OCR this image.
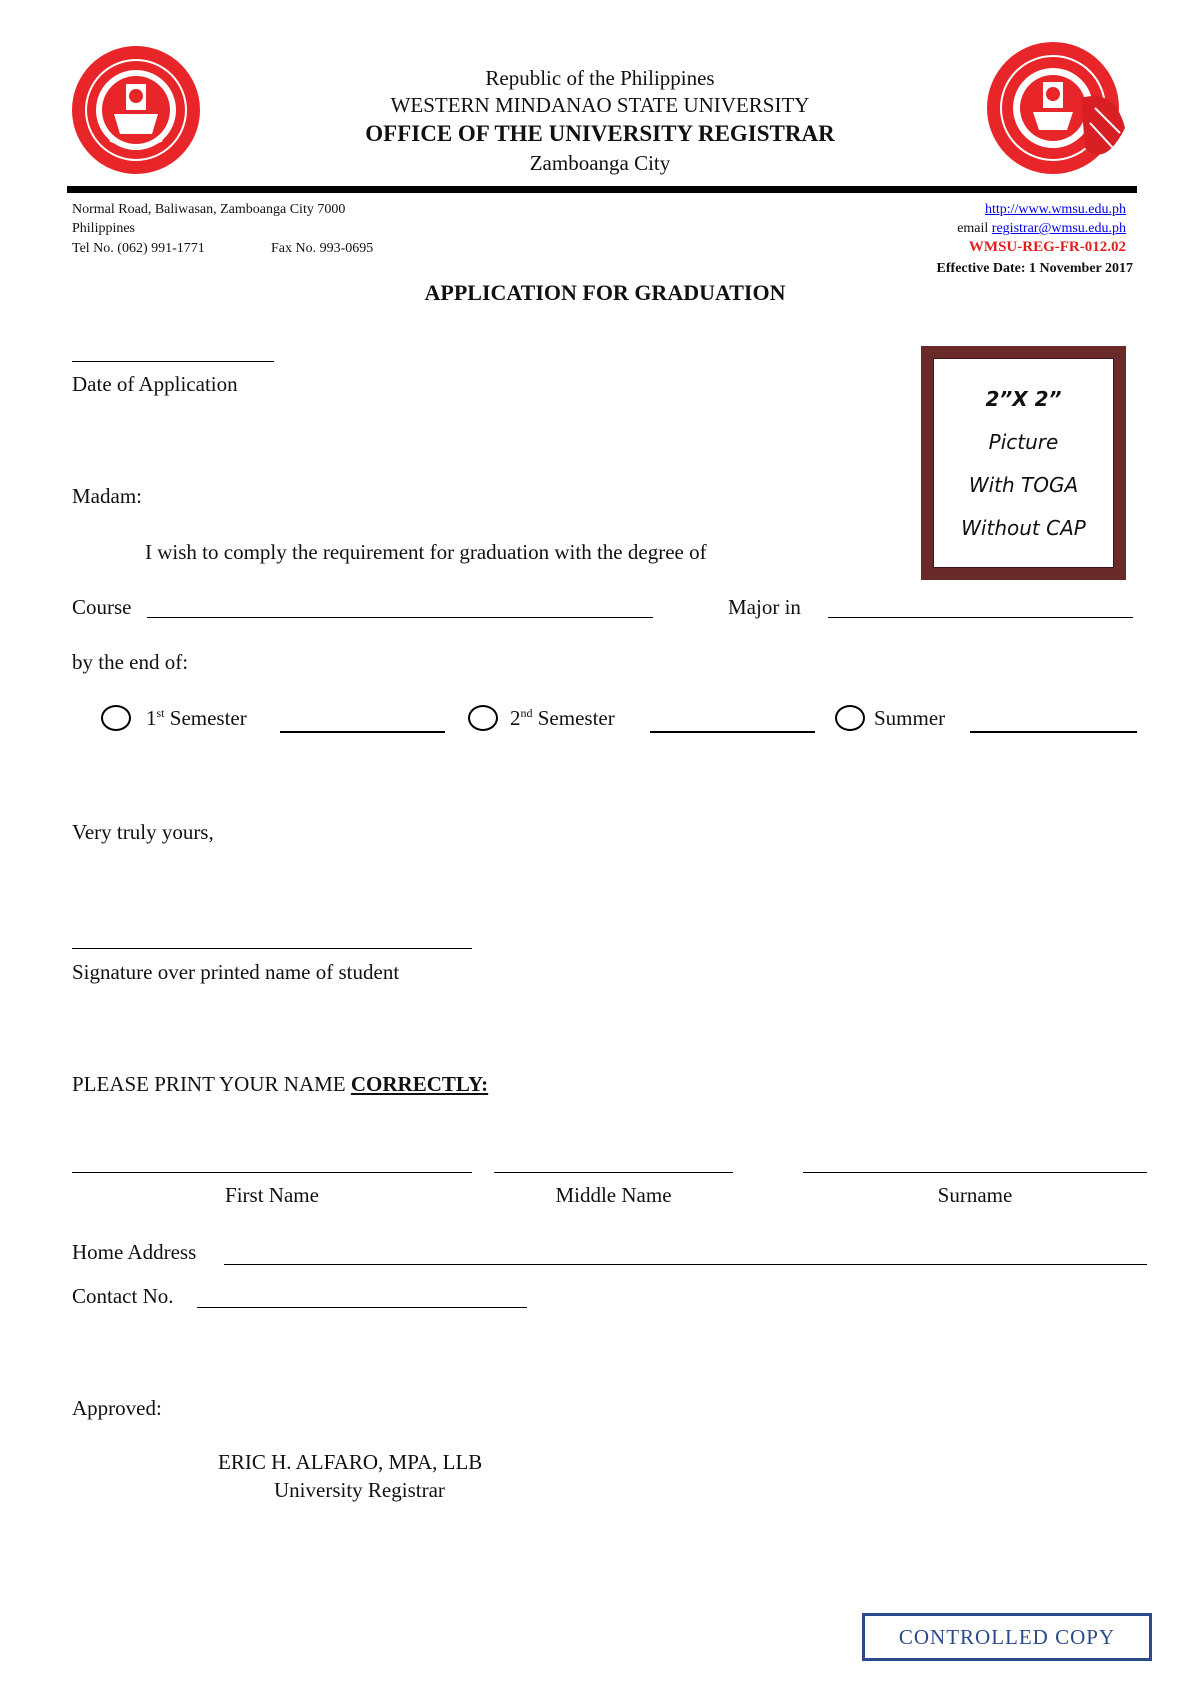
Republic of the Philippines
WESTERN MINDANAO STATE UNIVERSITY
OFFICE OF THE UNIVERSITY REGISTRAR
Zamboanga City
Normal Road, Baliwasan, Zamboanga City 7000
Philippines
Tel No. (062) 991-1771	Fax No. 993-0695
http://www.wmsu.edu.ph
email registrar@wmsu.edu.ph
WMSU-REG-FR-012.02
Effective Date: 1 November 2017
APPLICATION FOR GRADUATION
Date of Application
2”X 2”
Picture
With TOGA
Without CAP
Madam:
I wish to comply the requirement for graduation with the degree of
Course	Major in
by the end of:
1st Semester	2nd Semester	Summer
Very truly yours,
Signature over printed name of student
PLEASE PRINT YOUR NAME CORRECTLY:
First Name	Middle Name	Surname
Home Address
Contact No.
Approved:
ERIC H. ALFARO, MPA, LLB
University Registrar
CONTROLLED COPY
